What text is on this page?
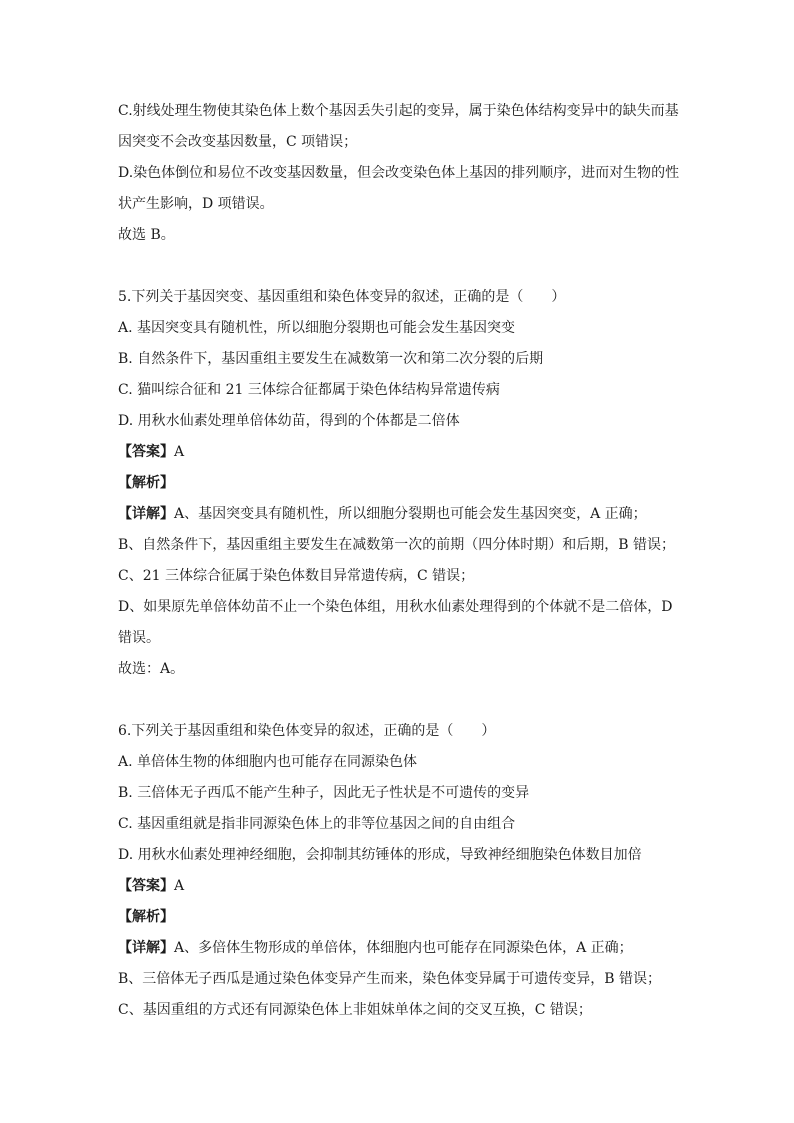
C.射线处理生物使其染色体上数个基因丢失引起的变异，属于染色体结构变异中的缺失而基
因突变不会改变基因数量，C 项错误；
D.染色体倒位和易位不改变基因数量，但会改变染色体上基因的排列顺序，进而对生物的性
状产生影响，D 项错误。
故选 B。
5.下列关于基因突变、基因重组和染色体变异的叙述，正确的是（　　）
A. 基因突变具有随机性，所以细胞分裂期也可能会发生基因突变
B. 自然条件下，基因重组主要发生在减数第一次和第二次分裂的后期
C. 猫叫综合征和 21 三体综合征都属于染色体结构异常遗传病
D. 用秋水仙素处理单倍体幼苗，得到的个体都是二倍体
【答案】A
【解析】
【详解】A、基因突变具有随机性，所以细胞分裂期也可能会发生基因突变，A 正确；
B、自然条件下，基因重组主要发生在减数第一次的前期（四分体时期）和后期，B 错误；
C、21 三体综合征属于染色体数目异常遗传病，C 错误；
D、如果原先单倍体幼苗不止一个染色体组，用秋水仙素处理得到的个体就不是二倍体，D
错误。
故选：A。
6.下列关于基因重组和染色体变异的叙述，正确的是（　　）
A. 单倍体生物的体细胞内也可能存在同源染色体
B. 三倍体无子西瓜不能产生种子，因此无子性状是不可遗传的变异
C. 基因重组就是指非同源染色体上的非等位基因之间的自由组合
D. 用秋水仙素处理神经细胞，会抑制其纺锤体的形成，导致神经细胞染色体数目加倍
【答案】A
【解析】
【详解】A、多倍体生物形成的单倍体，体细胞内也可能存在同源染色体，A 正确；
B、三倍体无子西瓜是通过染色体变异产生而来，染色体变异属于可遗传变异，B 错误；
C、基因重组的方式还有同源染色体上非姐妹单体之间的交叉互换，C 错误；
